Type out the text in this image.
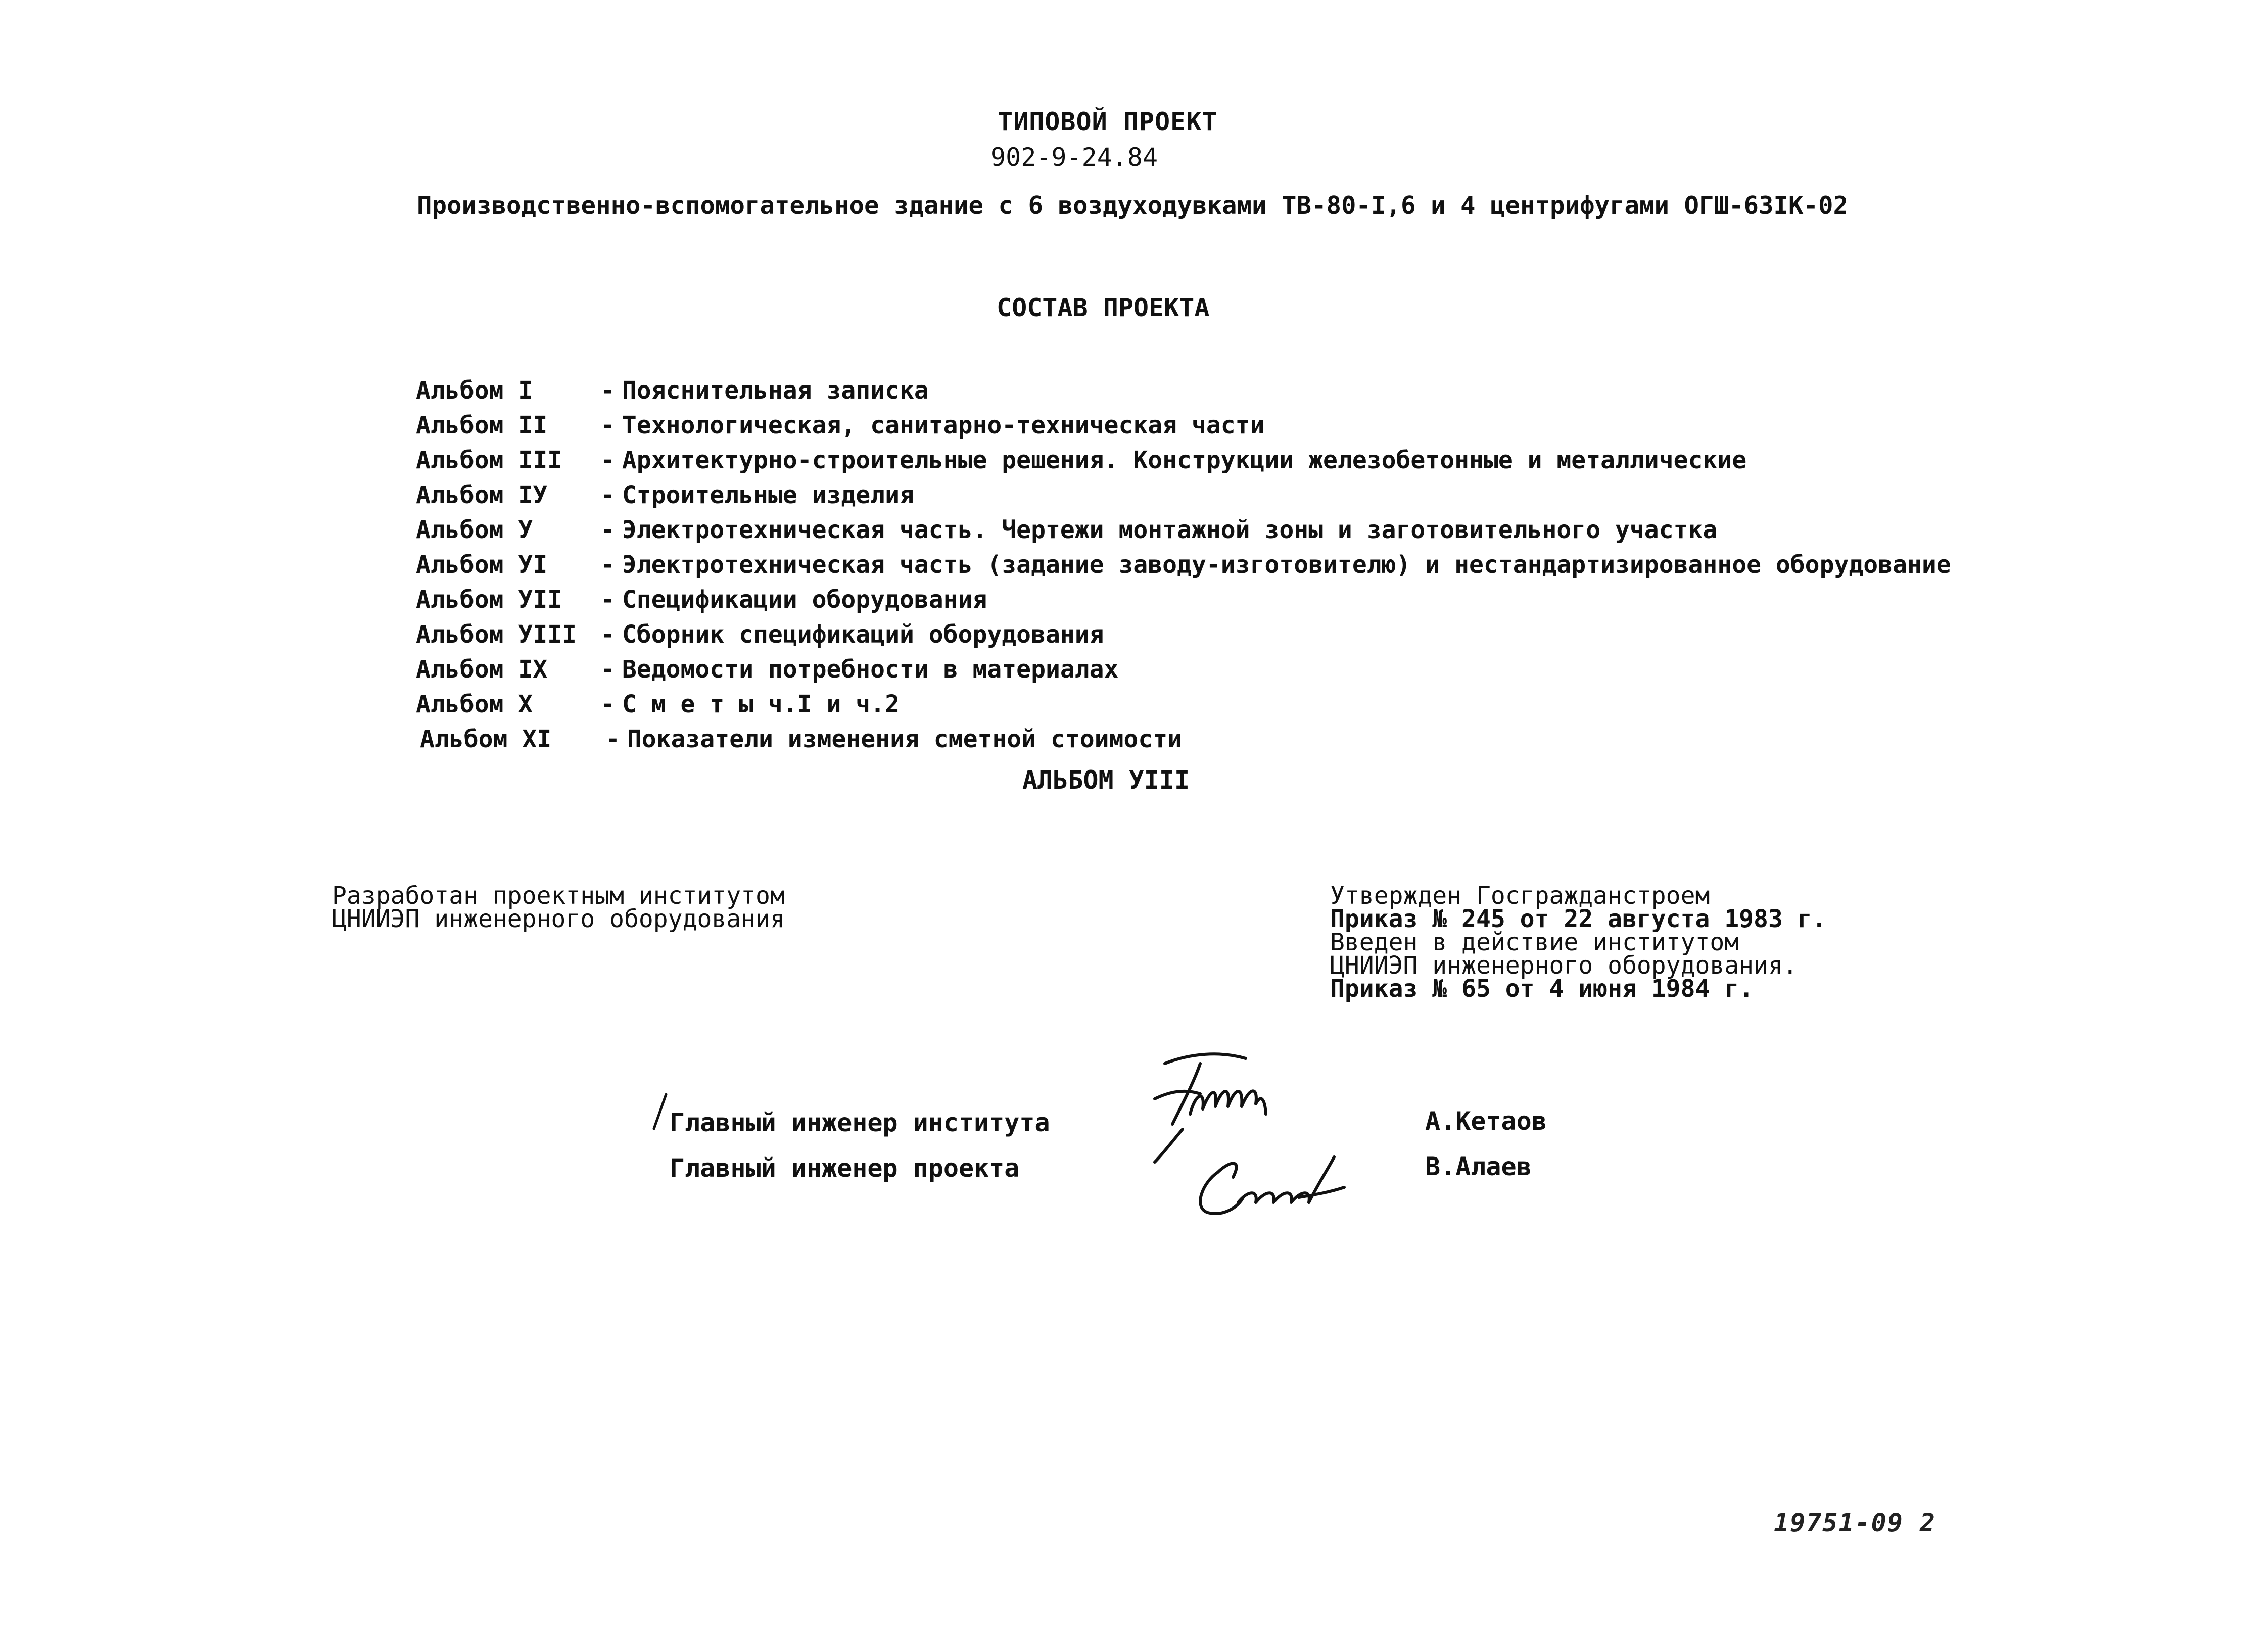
ТИПОВОЙ ПРОЕКТ
902-9-24.84
Производственно-вспомогательное здание с 6 воздуходувками ТВ-80-I,6 и 4 центрифугами ОГШ-63IК-02
СОСТАВ ПРОЕКТА
Альбом I	- Пояснительная записка
Альбом II - Технологическая, санитарно-техническая части
Альбом III - Архитектурно-строительные решения. Конструкции железобетонные и металлические
Альбом IУ - Строительные изделия
Альбом У	- Электротехническая часть. Чертежи монтажной зоны и заготовительного участка
Альбом УI - Электротехническая часть (задание заводу-изготовителю) и нестандартизированное оборудование
Альбом УII - Спецификации оборудования
Альбом УIII - Сборник спецификаций оборудования
Альбом IХ - Ведомости потребности в материалах
Альбом Х	- С м е т ы ч.I и ч.2
Альбом ХI - Показатели изменения сметной стоимости
АЛЬБОМ УIII
Разработан проектным институтом
ЦНИИЭП инженерного оборудования
Утвержден Госгражданстроем
Приказ № 245 от 22 августа 1983 г.
Введен в действие институтом
ЦНИИЭП инженерного оборудования.
Приказ № 65 от 4 июня 1984 г.
Главный инженер института
Главный инженер проекта
А.Кетаов
В.Алаев
19751-09 2
